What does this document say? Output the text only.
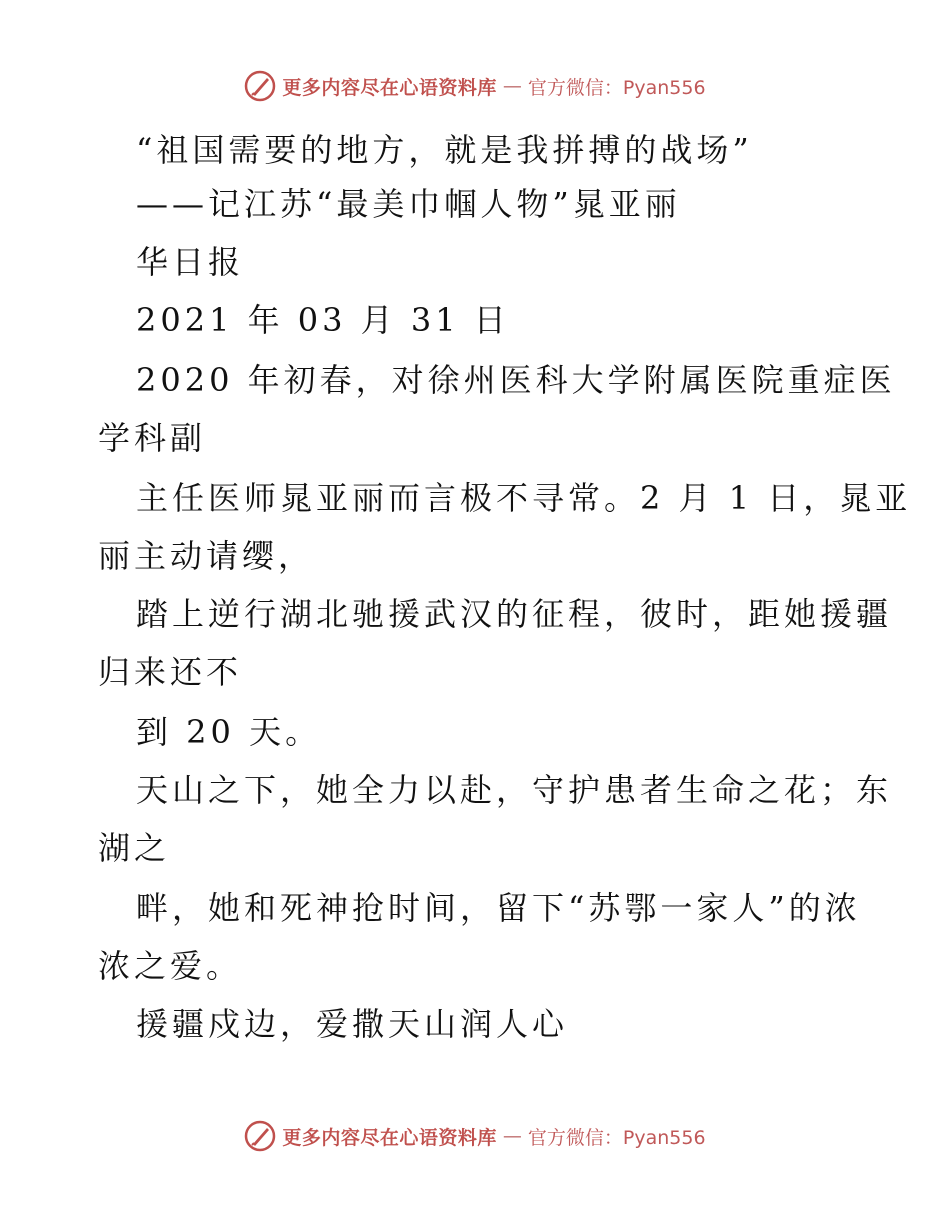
更多内容尽在心语资料库 — 官方微信：Pyan556
“祖国需要的地方，就是我拼搏的战场”
——记江苏“最美巾帼人物”晁亚丽
华日报
2021 年 03 月 31 日
2020 年初春，对徐州医科大学附属医院重症医
学科副
主任医师晁亚丽而言极不寻常。2 月 1 日，晁亚
丽主动请缨，
踏上逆行湖北驰援武汉的征程，彼时，距她援疆
归来还不
到 20 天。
天山之下，她全力以赴，守护患者生命之花；东
湖之
畔，她和死神抢时间，留下“苏鄂一家人”的浓
浓之爱。
援疆戍边，爱撒天山润人心
更多内容尽在心语资料库 — 官方微信：Pyan556
